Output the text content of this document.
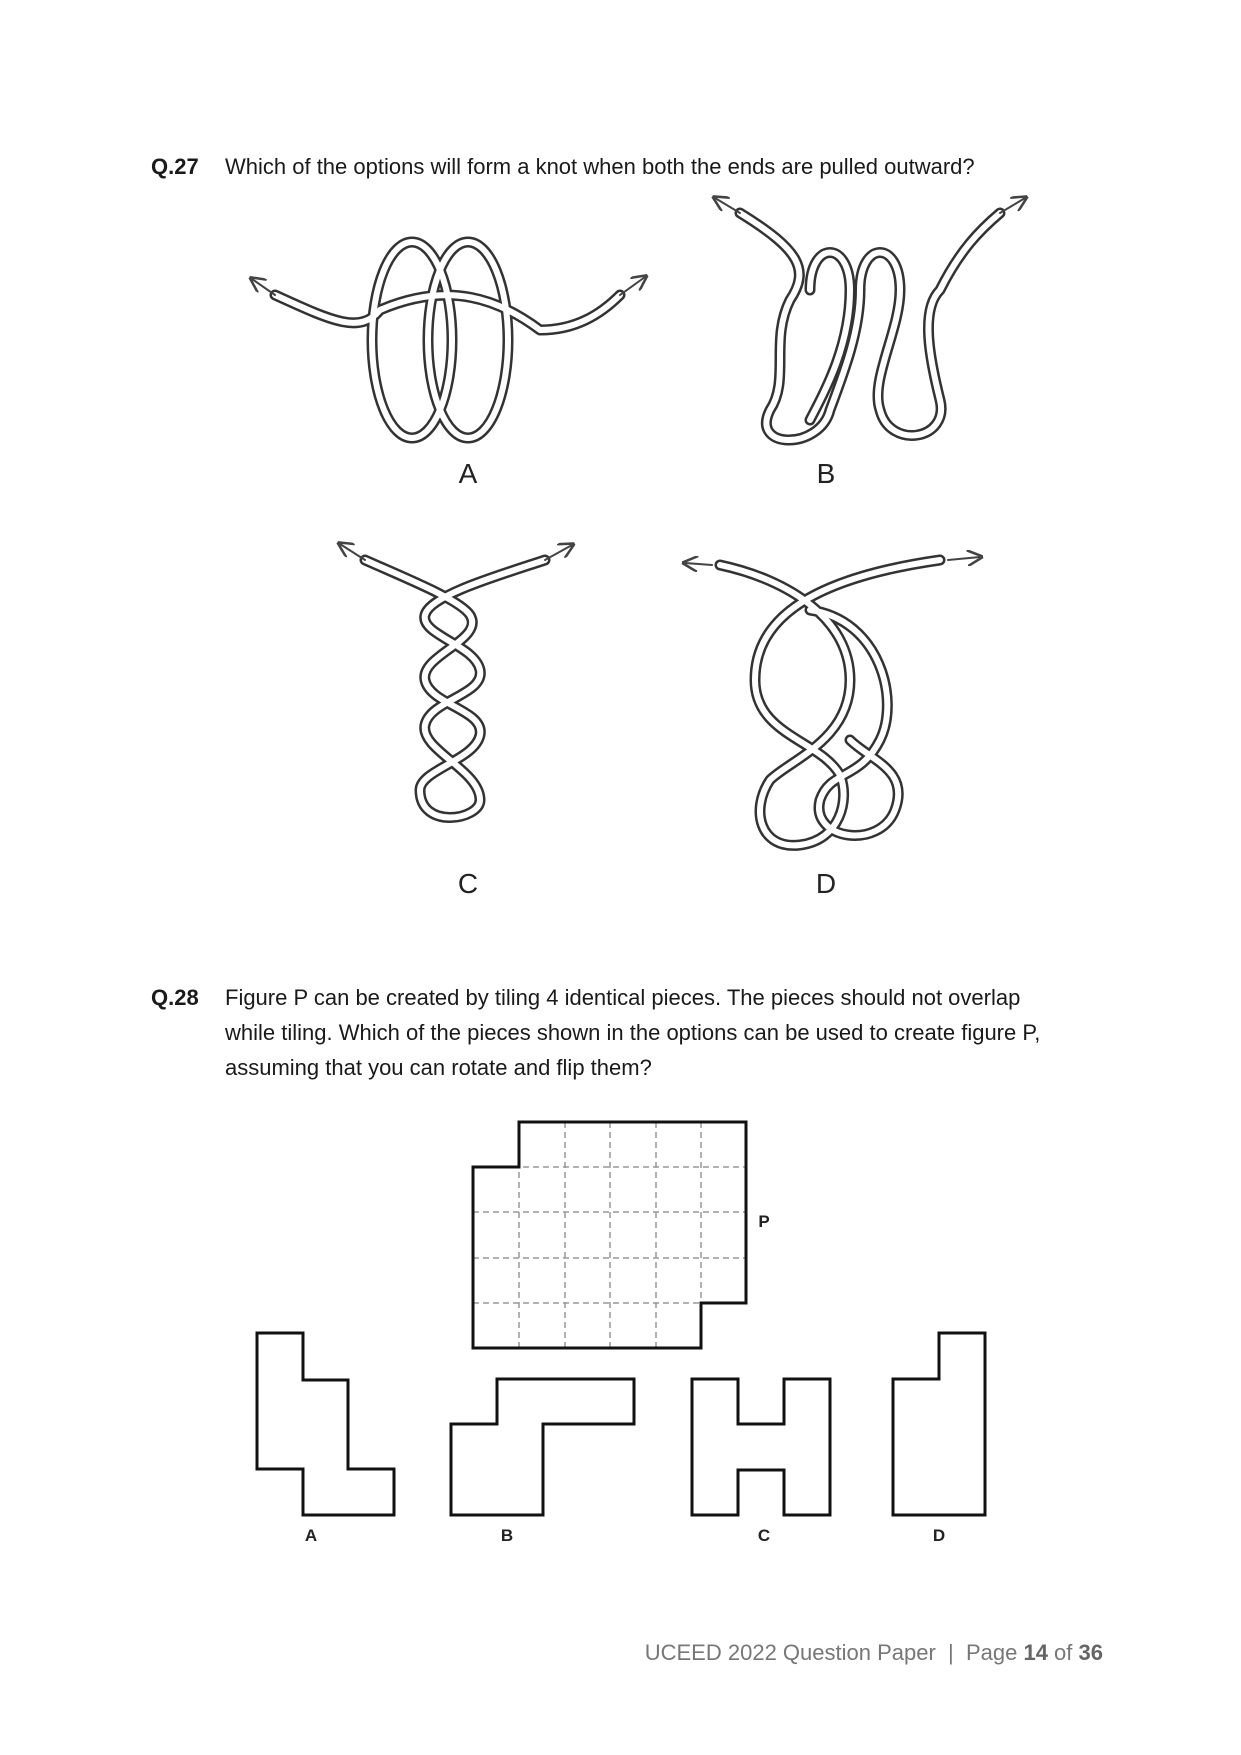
Q.27 Which of the options will form a knot when both the ends are pulled outward?
A	B
C	D
Q.28 Figure P can be created by tiling 4 identical pieces. The pieces should not overlap
while tiling. Which of the pieces shown in the options can be used to create figure P,
assuming that you can rotate and flip them?
P
A	B	C	D
UCEED 2022 Question Paper  |  Page 14 of 36
